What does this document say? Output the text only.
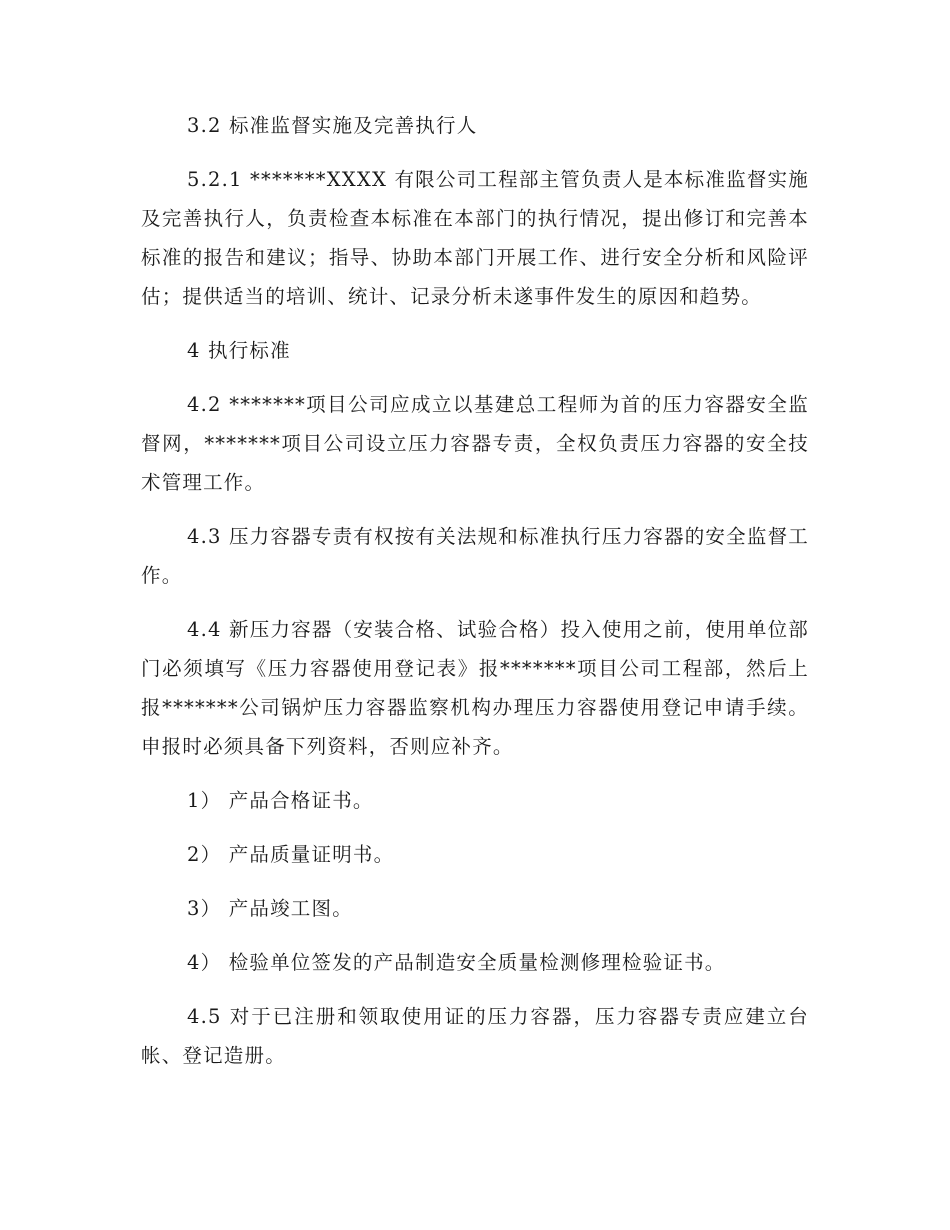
3.2 标准监督实施及完善执行人

5.2.1 *******XXXX 有限公司工程部主管负责人是本标准监督实施及完善执行人，负责检查本标准在本部门的执行情况，提出修订和完善本标准的报告和建议；指导、协助本部门开展工作、进行安全分析和风险评估；提供适当的培训、统计、记录分析未遂事件发生的原因和趋势。

4 执行标准

4.2 *******项目公司应成立以基建总工程师为首的压力容器安全监督网，*******项目公司设立压力容器专责，全权负责压力容器的安全技术管理工作。

4.3 压力容器专责有权按有关法规和标准执行压力容器的安全监督工作。

4.4 新压力容器（安装合格、试验合格）投入使用之前，使用单位部门必须填写《压力容器使用登记表》报*******项目公司工程部，然后上报*******公司锅炉压力容器监察机构办理压力容器使用登记申请手续。申报时必须具备下列资料，否则应补齐。

1） 产品合格证书。

2） 产品质量证明书。

3） 产品竣工图。

4） 检验单位签发的产品制造安全质量检测修理检验证书。

4.5 对于已注册和领取使用证的压力容器，压力容器专责应建立台帐、登记造册。
